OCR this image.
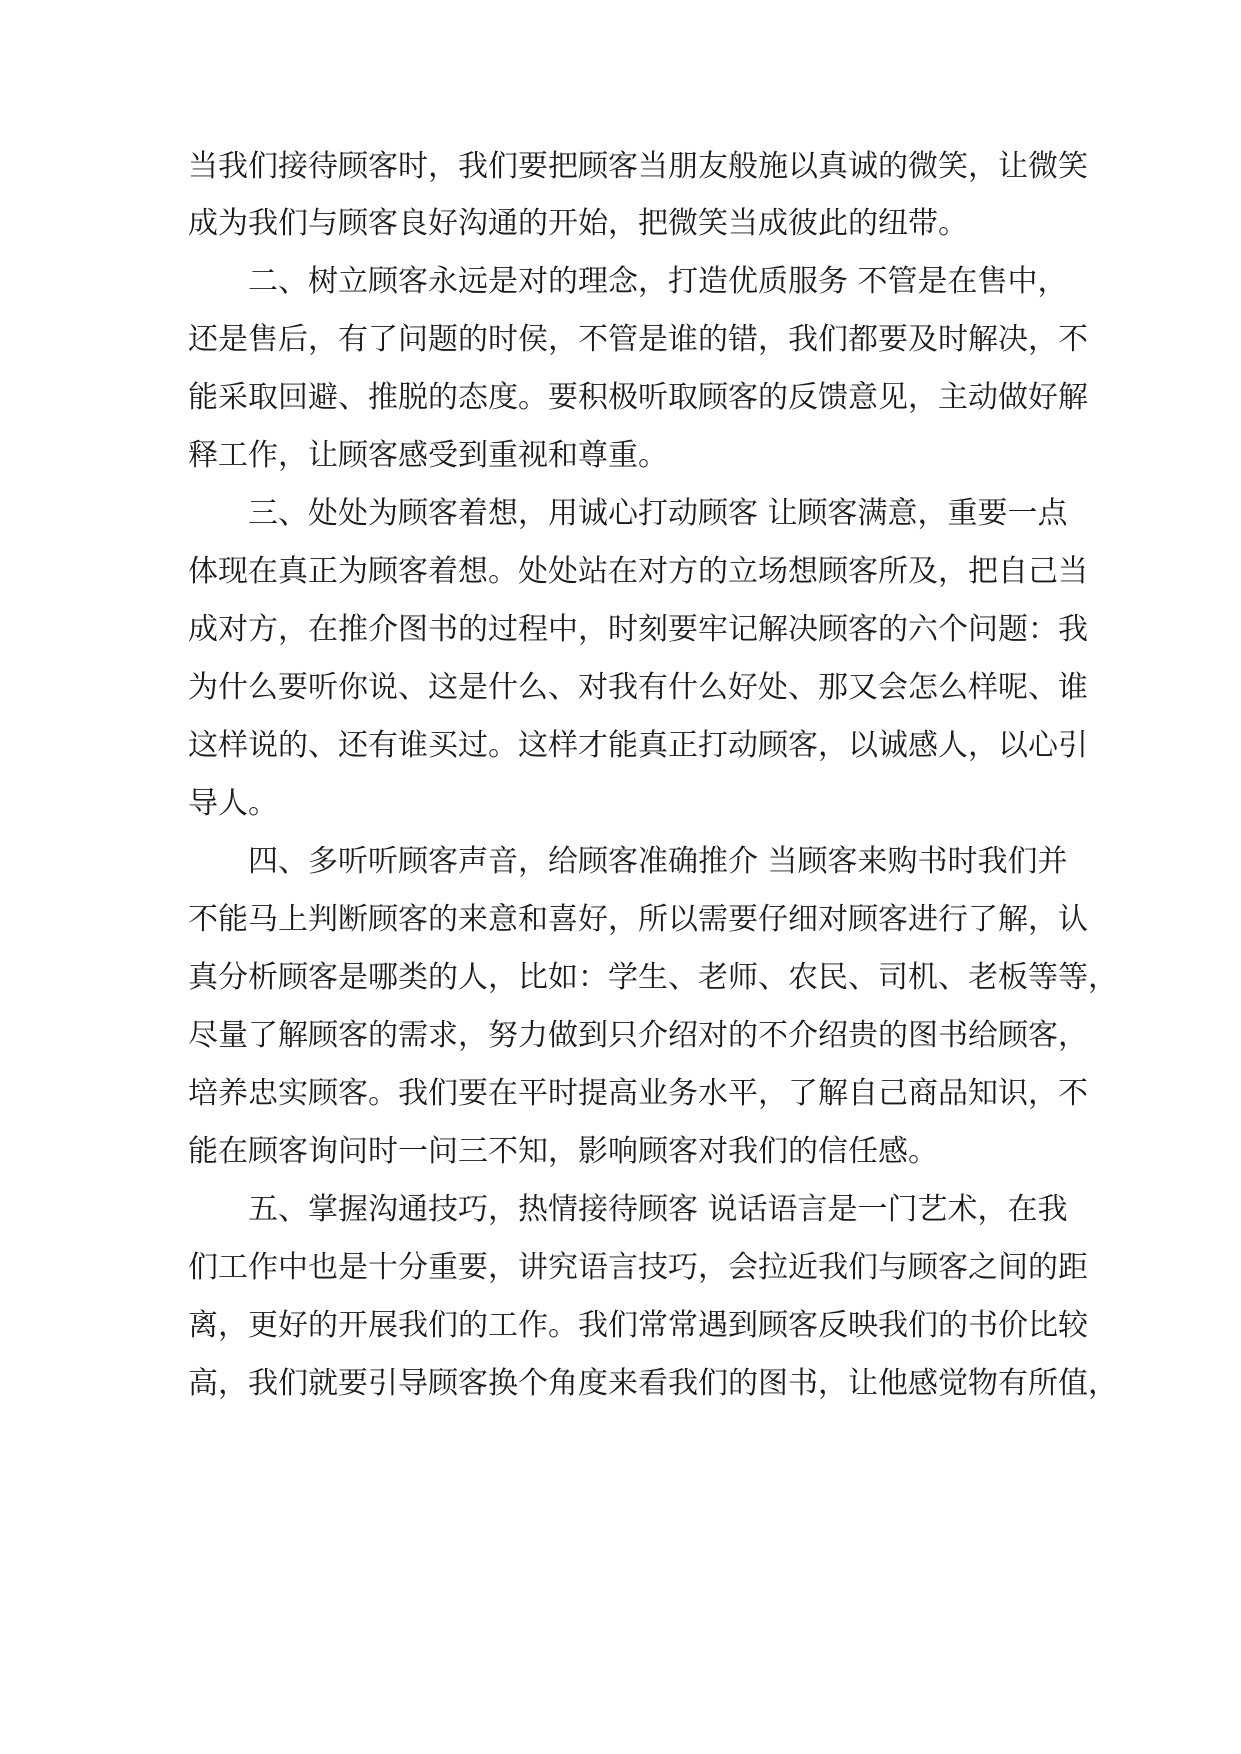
当我们接待顾客时，我们要把顾客当朋友般施以真诚的微笑，让微笑
成为我们与顾客良好沟通的开始，把微笑当成彼此的纽带。
二、树立顾客永远是对的理念，打造优质服务 不管是在售中，
还是售后，有了问题的时侯，不管是谁的错，我们都要及时解决，不
能采取回避、推脱的态度。要积极听取顾客的反馈意见，主动做好解
释工作，让顾客感受到重视和尊重。
三、处处为顾客着想，用诚心打动顾客 让顾客满意，重要一点
体现在真正为顾客着想。处处站在对方的立场想顾客所及，把自己当
成对方，在推介图书的过程中，时刻要牢记解决顾客的六个问题：我
为什么要听你说、这是什么、对我有什么好处、那又会怎么样呢、谁
这样说的、还有谁买过。这样才能真正打动顾客，以诚感人，以心引
导人。
四、多听听顾客声音，给顾客准确推介 当顾客来购书时我们并
不能马上判断顾客的来意和喜好，所以需要仔细对顾客进行了解，认
真分析顾客是哪类的人，比如：学生、老师、农民、司机、老板等等，
尽量了解顾客的需求，努力做到只介绍对的不介绍贵的图书给顾客，
培养忠实顾客。我们要在平时提高业务水平，了解自己商品知识，不
能在顾客询问时一问三不知，影响顾客对我们的信任感。
五、掌握沟通技巧，热情接待顾客 说话语言是一门艺术，在我
们工作中也是十分重要，讲究语言技巧，会拉近我们与顾客之间的距
离，更好的开展我们的工作。我们常常遇到顾客反映我们的书价比较
高，我们就要引导顾客换个角度来看我们的图书，让他感觉物有所值，
